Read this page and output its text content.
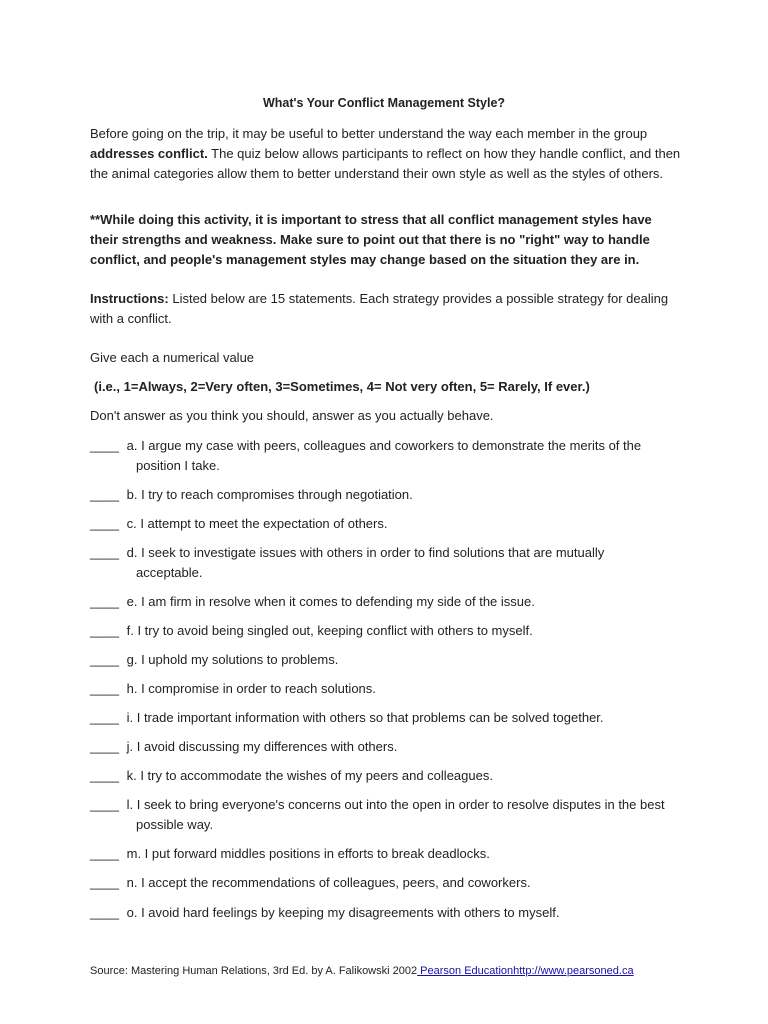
What's Your Conflict Management Style?
Before going on the trip, it may be useful to better understand the way each member in the group addresses conflict. The quiz below allows participants to reflect on how they handle conflict, and then the animal categories allow them to better understand their own style as well as the styles of others.
**While doing this activity, it is important to stress that all conflict management styles have their strengths and weakness. Make sure to point out that there is no "right" way to handle conflict, and people's management styles may change based on the situation they are in.
Instructions: Listed below are 15 statements. Each strategy provides a possible strategy for dealing with a conflict.
Give each a numerical value
(i.e., 1=Always, 2=Very often, 3=Sometimes, 4= Not very often, 5= Rarely, If ever.)
Don't answer as you think you should, answer as you actually behave.
____ a. I argue my case with peers, colleagues and coworkers to demonstrate the merits of the
position I take.
____ b. I try to reach compromises through negotiation.
____ c. I attempt to meet the expectation of others.
____ d. I seek to investigate issues with others in order to find solutions that are mutually
acceptable.
____ e. I am firm in resolve when it comes to defending my side of the issue.
____ f. I try to avoid being singled out, keeping conflict with others to myself.
____ g. I uphold my solutions to problems.
____ h. I compromise in order to reach solutions.
____ i. I trade important information with others so that problems can be solved together.
____ j. I avoid discussing my differences with others.
____ k. I try to accommodate the wishes of my peers and colleagues.
____ l. I seek to bring everyone's concerns out into the open in order to resolve disputes in the best
possible way.
____ m. I put forward middles positions in efforts to break deadlocks.
____ n. I accept the recommendations of colleagues, peers, and coworkers.
____ o. I avoid hard feelings by keeping my disagreements with others to myself.
Source: Mastering Human Relations, 3rd Ed. by A. Falikowski 2002 Pearson Educationhttp://www.pearsoned.ca
